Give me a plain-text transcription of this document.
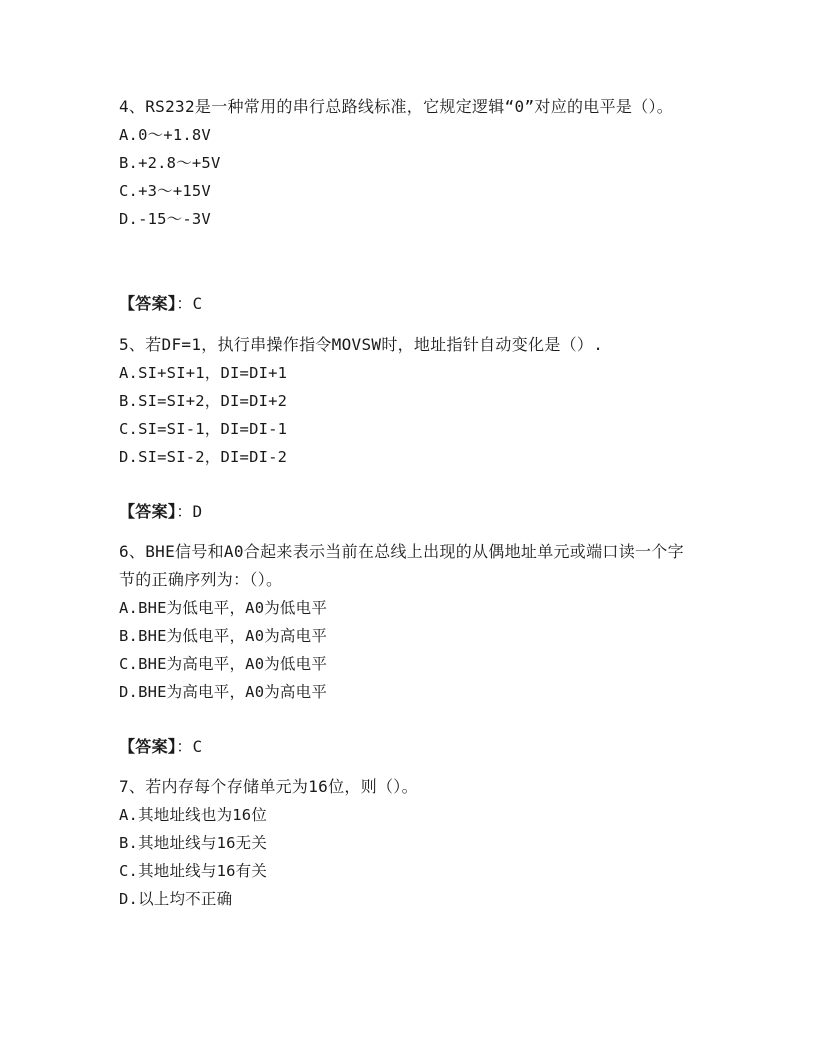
4、RS232是一种常用的串行总路线标准，它规定逻辑“0”对应的电平是（）。

A.0～+1.8V
B.+2.8～+5V
C.+3～+15V
D.-15～-3V
【答案】：C

5、若DF=1，执行串操作指令MOVSW时，地址指针自动变化是（）.

A.SI+SI+1，DI=DI+1
B.SI=SI+2，DI=DI+2
C.SI=SI-1，DI=DI-1
D.SI=SI-2，DI=DI-2
【答案】：D

6、BHE信号和A0合起来表示当前在总线上出现的从偶地址单元或端口读一个字节的正确序列为：（）。

A.BHE为低电平，A0为低电平
B.BHE为低电平，A0为高电平
C.BHE为高电平，A0为低电平
D.BHE为高电平，A0为高电平
【答案】：C

7、若内存每个存储单元为16位，则（）。

A.其地址线也为16位
B.其地址线与16无关
C.其地址线与16有关
D.以上均不正确
